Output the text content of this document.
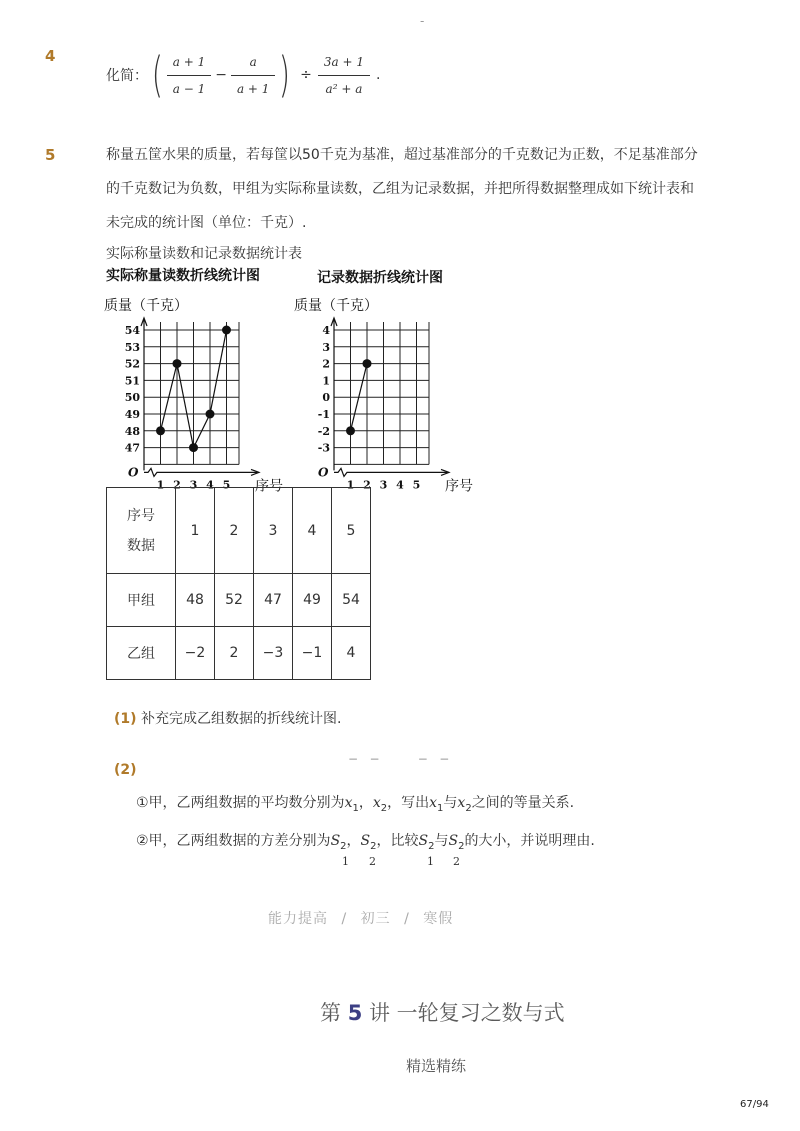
-
4
化简： ( $\frac{a + 1}{a - 1} - \frac{a}{a + 1}$ ) ÷ $\frac{3a + 1}{\text{a² + a}}$ .
5	称量五筐水果的质量，若每筐以50千克为基准，超过基准部分的千克数记为正数，不足基准部分
的千克数记为负数，甲组为实际称量读数，乙组为记录数据，并把所得数据整理成如下统计表和
未完成的统计图（单位：千克）.
实际称量读数和记录数据统计表
实际称量读数折线统计图	记录数据折线统计图
质量（千克）
47
48
49
50
51
52
53
54
O
1 2 3 4 5 序号
质量（千克）
-3
-2
-1
0
1
2
3
4
O
1 2 3 4 5 序号
序号
数据	1	2	3	4	5
甲组	48	52	47	49	54
乙组	−2	2	−3	−1	4
(1) 补充完成乙组数据的折线统计图.
−   −          −   −
(2)
①甲，乙两组数据的平均数分别为$x_1$，$x_2$，写出$x_1$与$x_2$之间的等量关系.
②甲，乙两组数据的方差分别为$S_2$，$S_2$，比较$S_2$与$S_2$的大小，并说明理由.
1 2	1 2
能力提高 / 初三 / 寒假
第 5 讲 一轮复习之数与式
精选精练
67/94
